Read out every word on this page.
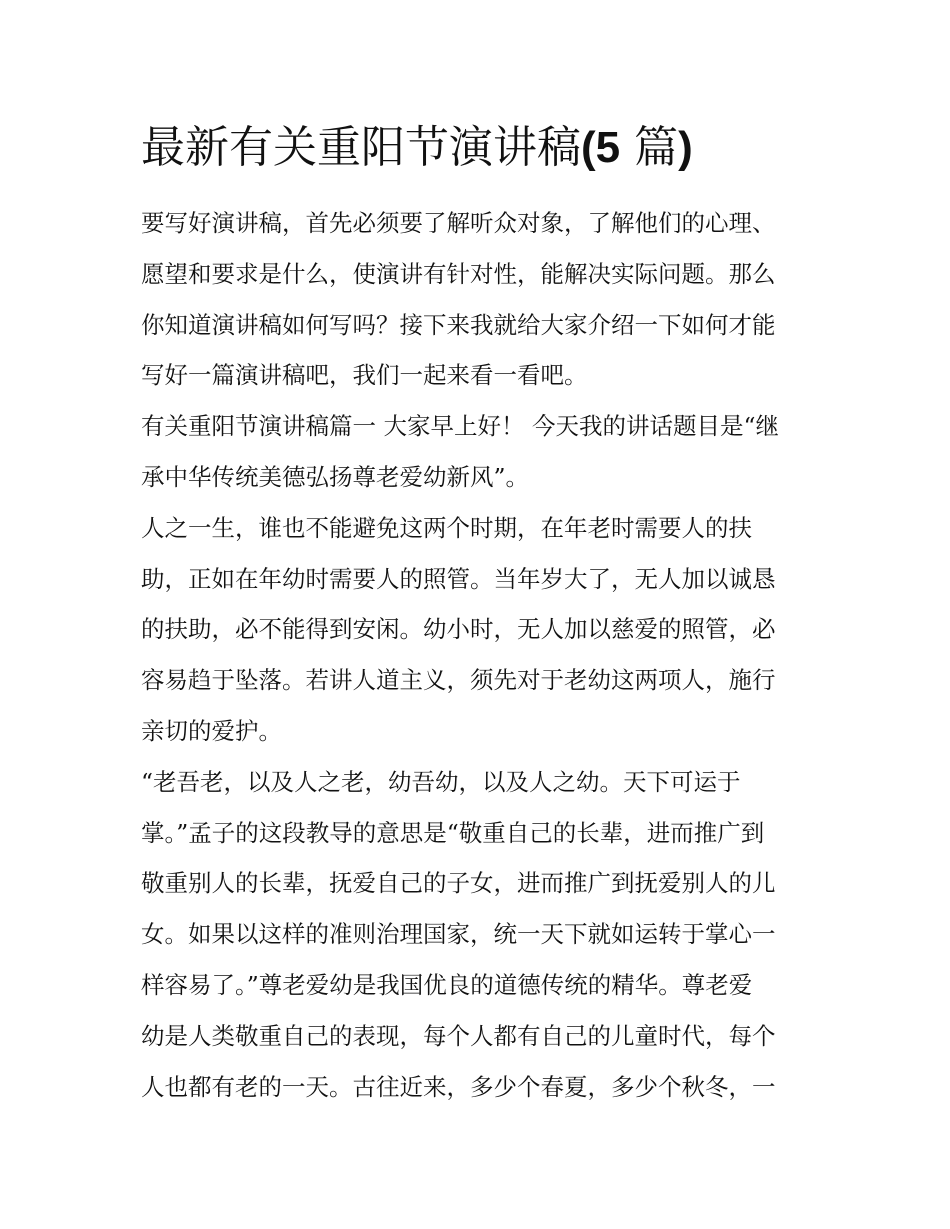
最新有关重阳节演讲稿(5 篇)
要写好演讲稿，首先必须要了解听众对象，了解他们的心理、
愿望和要求是什么，使演讲有针对性，能解决实际问题。那么
你知道演讲稿如何写吗？接下来我就给大家介绍一下如何才能
写好一篇演讲稿吧，我们一起来看一看吧。
有关重阳节演讲稿篇一 大家早上好！ 今天我的讲话题目是“继
承中华传统美德弘扬尊老爱幼新风”。
人之一生，谁也不能避免这两个时期，在年老时需要人的扶
助，正如在年幼时需要人的照管。当年岁大了，无人加以诚恳
的扶助，必不能得到安闲。幼小时，无人加以慈爱的照管，必
容易趋于坠落。若讲人道主义，须先对于老幼这两项人，施行
亲切的爱护。
“老吾老，以及人之老，幼吾幼，以及人之幼。天下可运于
掌。”孟子的这段教导的意思是“敬重自己的长辈，进而推广到
敬重别人的长辈，抚爱自己的子女，进而推广到抚爱别人的儿
女。如果以这样的准则治理国家，统一天下就如运转于掌心一
样容易了。”尊老爱幼是我国优良的道德传统的精华。尊老爱
幼是人类敬重自己的表现，每个人都有自己的儿童时代，每个
人也都有老的一天。古往近来，多少个春夏，多少个秋冬，一
